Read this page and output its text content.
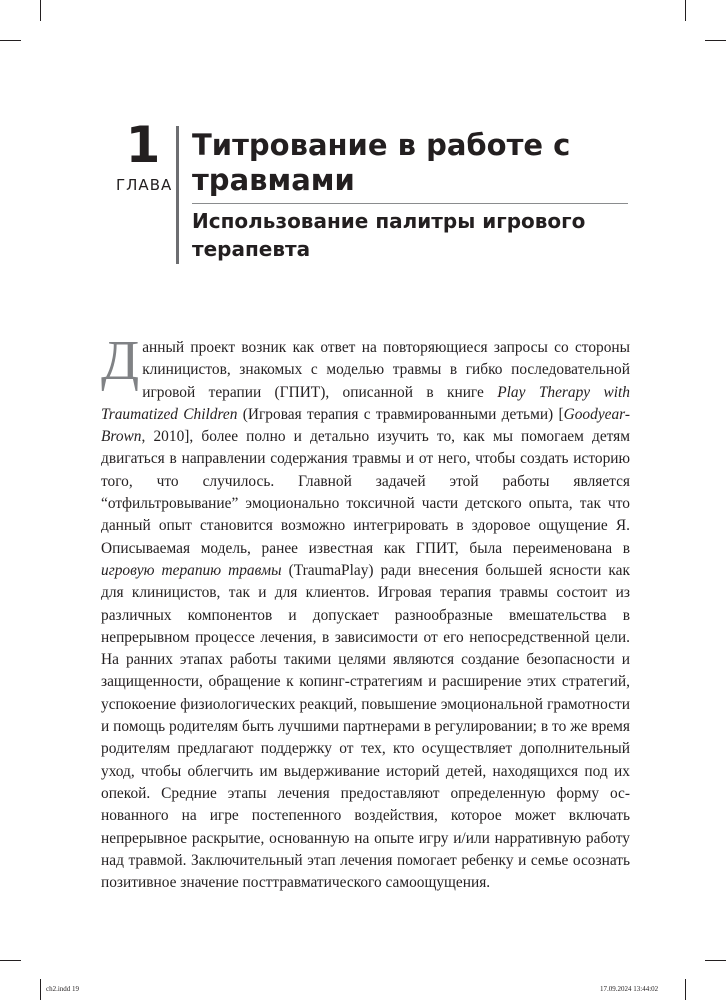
1
ГЛАВА
Титрование в работе с травмами
Использование палитры игрового терапевта

Данный проект возник как ответ на повторяющиеся запросы со стороны клиницистов, знакомых с моделью травмы в гибко последовательной игровой терапии (ГПИТ), описанной в книге Play Therapy with Traumatized Children (Игровая терапия с травмированными детьми) [Goodyear-Brown, 2010], более полно и детально изучить то, как мы помогаем детям двигаться в направлении содержания травмы и от него, чтобы создать историю того, что случилось. Главной задачей этой работы является “отфильтровывание” эмоционально токсичной части детского опыта, так что данный опыт становится возможно интегрировать в здоровое ощущение Я. Описываемая модель, ранее известная как ГПИТ, была переименована в игровую терапию травмы (TraumaPlay) ради внесения большей ясности как для клиницистов, так и для клиентов. Игровая терапия травмы состоит из различных компонентов и допускает разнообразные вмешательства в непрерывном процессе лечения, в зависимости от его непосредственной цели. На ранних этапах работы такими целями являются создание безопасности и защищенности, обращение к копинг-стратегиям и расширение этих стратегий, успокоение физиологических реакций, повышение эмоциональной грамотности и помощь родителям быть лучшими партнерами в регулировании; в то же время родителям предлагают поддержку от тех, кто осуществляет дополнительный уход, чтобы облегчить им выдерживание историй детей, находящихся под их опекой. Средние этапы лечения предоставляют определенную форму основанного на игре постепенного воздействия, которое может включать непрерывное раскрытие, основанную на опыте игру и/или нарративную работу над травмой. Заключительный этап лечения помогает ребенку и семье осознать позитивное значение посттравматического самоощущения.

ch2.indd 19	17.09.2024 13:44:02
